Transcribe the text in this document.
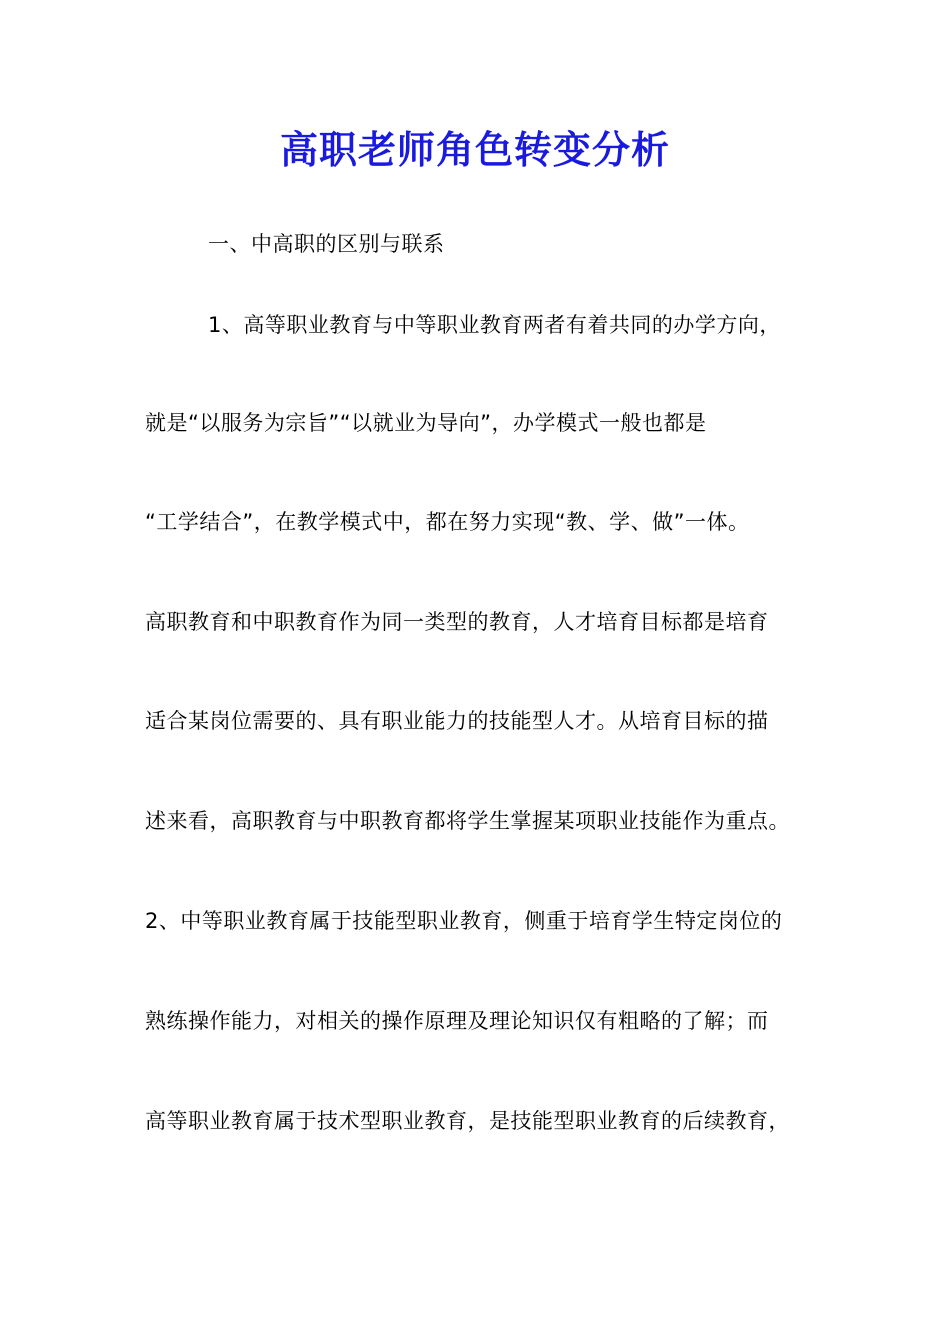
高职老师角色转变分析
一、中高职的区别与联系
1、高等职业教育与中等职业教育两者有着共同的办学方向，
就是“以服务为宗旨”“以就业为导向”，办学模式一般也都是
“工学结合”，在教学模式中，都在努力实现“教、学、做”一体。
高职教育和中职教育作为同一类型的教育，人才培育目标都是培育
适合某岗位需要的、具有职业能力的技能型人才。从培育目标的描
述来看，高职教育与中职教育都将学生掌握某项职业技能作为重点。
2、中等职业教育属于技能型职业教育，侧重于培育学生特定岗位的
熟练操作能力，对相关的操作原理及理论知识仅有粗略的了解；而
高等职业教育属于技术型职业教育，是技能型职业教育的后续教育，
